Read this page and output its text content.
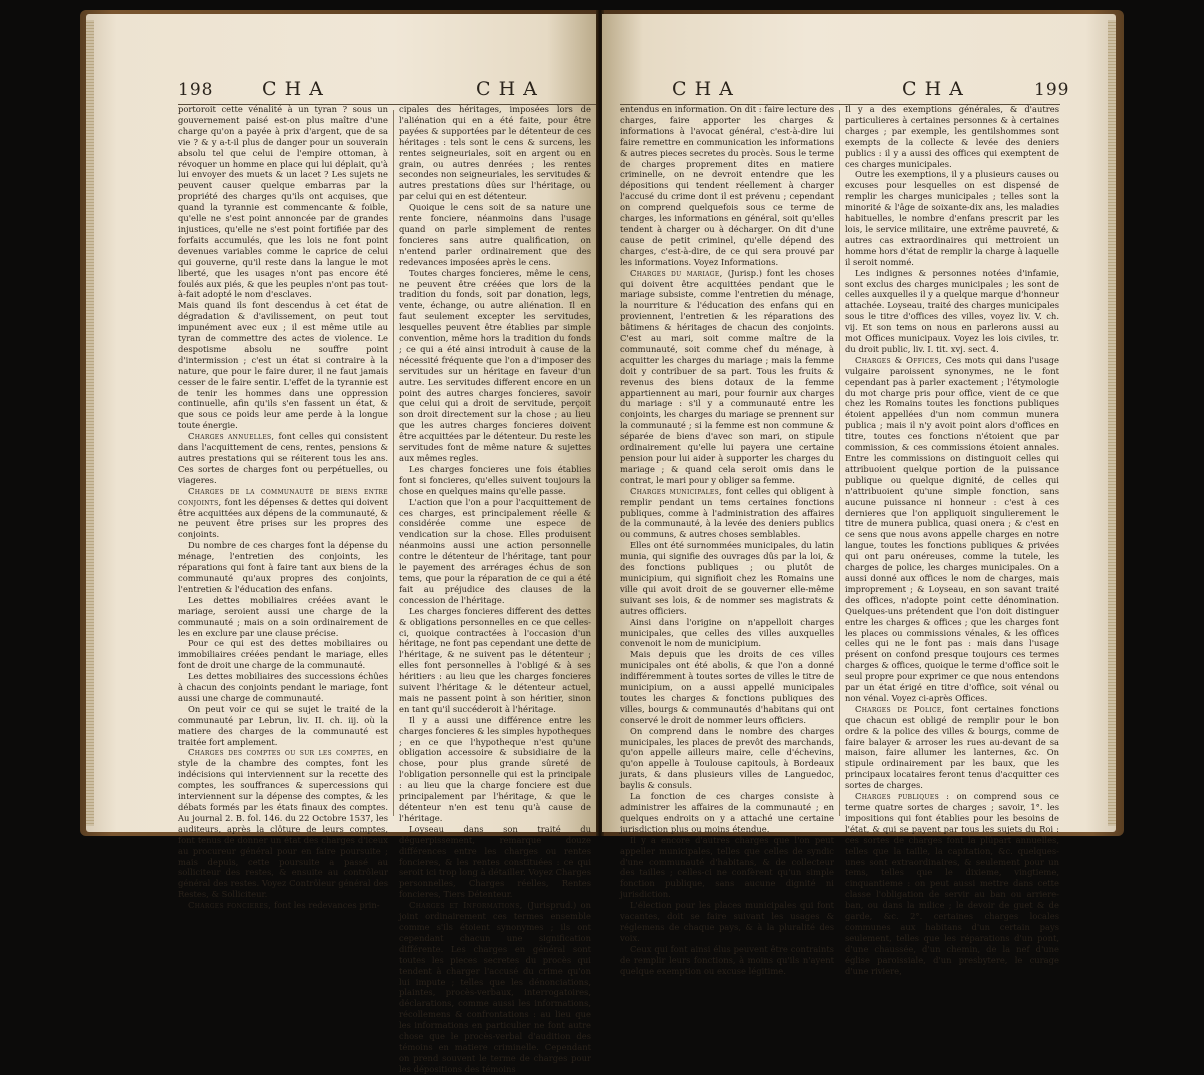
198	C H A	C H A

portoroit cette vénalité à un tyran ? sous un gouvernement paisé est-on plus maître d'une charge qu'on a payée à prix d'argent, que de sa vie ? & y a-t-il plus de danger pour un souverain absolu tel que celui de l'empire ottoman, à révoquer un homme en place qui lui déplait, qu'à lui envoyer des muets & un lacet ? Les sujets ne peuvent causer quelque embarras par la propriété des charges qu'ils ont acquises, que quand la tyrannie est commencante & foible, qu'elle ne s'est point annoncée par de grandes injustices, qu'elle ne s'est point fortifiée par des forfaits accumulés, que les lois ne font point devenues variables comme le caprice de celui qui gouverne, qu'il reste dans la langue le mot liberté, que les usages n'ont pas encore été foulés aux piés, & que les peuples n'ont pas tout-à-fait adopté le nom d'esclaves.

Mais quand ils font descendus à cet état de dégradation & d'avilissement, on peut tout impunément avec eux ; il est même utile au tyran de commettre des actes de violence. Le despotisme absolu ne souffre point d'intermission ; c'est un état si contraire à la nature, que pour le faire durer, il ne faut jamais cesser de le faire sentir. L'effet de la tyrannie est de tenir les hommes dans une oppression continuelle, afin qu'ils s'en fassent un état, & que sous ce poids leur ame perde à la longue toute énergie.

Charges annuelles, font celles qui consistent dans l'acquittement de cens, rentes, pensions & autres prestations qui se réiterent tous les ans. Ces sortes de charges font ou perpétuelles, ou viageres.

Charges de la communauté de biens entre conjoints, font les dépenses & dettes qui doivent être acquittées aux dépens de la communauté, & ne peuvent être prises sur les propres des conjoints.

Du nombre de ces charges font la dépense du ménage, l'entretien des conjoints, les réparations qui font à faire tant aux biens de la communauté qu'aux propres des conjoints, l'entretien & l'éducation des enfans.

Les dettes mobiliaires créées avant le mariage, seroient aussi une charge de la communauté ; mais on a soin ordinairement de les en exclure par une clause précise.

Pour ce qui est des dettes mobiliaires ou immobiliaires créées pendant le mariage, elles font de droit une charge de la communauté.

Les dettes mobiliaires des successions échûes à chacun des conjoints pendant le mariage, font aussi une charge de communauté.

On peut voir ce qui se sujet le traité de la communauté par Lebrun, liv. II. ch. iij. où la matiere des charges de la communauté est traitée fort amplement.

Charges des comptes ou sur les comptes, en style de la chambre des comptes, font les indécisions qui interviennent sur la recette des comptes, les souffrances & supercessions qui interviennent sur la dépense des comptes, & les débats formés par les états finaux des comptes. Au journal 2. B. fol. 146. du 22 Octobre 1537, les auditeurs, après la clôture de leurs comptes, font tenus de donner un état des charges d'iceux au procureur général pour en faire poursuite ; mais depuis, cette poursuite a passé au solliciteur des restes, & ensuite au contrôleur général des restes. Voyez Contrôleur général des Restes, & Solliciteur.

Charges foncieres, font les redevances prin-

cipales des héritages, imposées lors de l'aliénation qui en a été faite, pour être payées & supportées par le détenteur de ces héritages : tels sont le cens & surcens, les rentes seigneuriales, soit en argent ou en grain, ou autres denrées ; les rentes secondes non seigneuriales, les servitudes & autres prestations dûes sur l'héritage, ou par celui qui en est détenteur.

Quoique le cens soit de sa nature une rente fonciere, néanmoins dans l'usage quand on parle simplement de rentes foncieres sans autre qualification, on n'entend parler ordinairement que des redevances imposées après le cens.

Toutes charges foncieres, même le cens, ne peuvent être créées que lors de la tradition du fonds, soit par donation, legs, vente, échange, ou autre aliénation. Il en faut seulement excepter les servitudes, lesquelles peuvent être établies par simple convention, même hors la tradition du fonds ; ce qui a été ainsi introduit à cause de la nécessité fréquente que l'on a d'imposer des servitudes sur un héritage en faveur d'un autre. Les servitudes different encore en un point des autres charges foncieres, savoir que celui qui a droit de servitude, perçoit son droit directement sur la chose ; au lieu que les autres charges foncieres doivent être acquittées par le détenteur. Du reste les servitudes font de même nature & sujettes aux mêmes regles.

Les charges foncieres une fois établies font si foncieres, qu'elles suivent toujours la chose en quelques mains qu'elle passe.

L'action que l'on a pour l'acquittement de ces charges, est principalement réelle & considérée comme une espece de vendication sur la chose. Elles produisent néanmoins aussi une action personnelle contre le détenteur de l'héritage, tant pour le payement des arrérages échus de son tems, que pour la réparation de ce qui a été fait au préjudice des clauses de la concession de l'héritage.

Les charges foncieres different des dettes & obligations personnelles en ce que celles-ci, quoique contractées à l'occasion d'un héritage, ne font pas cependant une dette de l'héritage, & ne suivent pas le détenteur ; elles font personnelles à l'obligé & à ses héritiers : au lieu que les charges foncieres suivent l'héritage & le détenteur actuel, mais ne passent point à son héritier, sinon en tant qu'il succéderoit à l'héritage.

Il y a aussi une différence entre les charges foncieres & les simples hypotheques ; en ce que l'hypotheque n'est qu'une obligation accessoire & subsidiaire de la chose, pour plus grande sûreté de l'obligation personnelle qui est la principale : au lieu que la charge fonciere est due principalement par l'héritage, & que le détenteur n'en est tenu qu'à cause de l'héritage.

Loyseau dans son traité du déguerpissement, remarque douze différences entre les charges ou rentes foncieres, & les rentes constituées : ce qui seroit ici trop long à détailler. Voyez Charges personnelles, Charges réelles, Rentes foncieres, Tiers Détenteur.

Charges et Informations, (Jurisprud.) on joint ordinairement ces termes ensemble comme s'ils étoient synonymes ; ils ont cependant chacun une signification différente. Les charges en général sont toutes les pieces secretes du procès qui tendent à charger l'accusé du crime qu'on lui impute ; telles que les dénonciations, plaintes, procès-verbaux, interrogatoires, déclarations, comme aussi les informations, récollemens & confrontations : au lieu que les informations en particulier ne font autre chose que le procès-verbal d'audition des témoins en matiere criminelle. Cependant on prend souvent le terme de charges pour les dépositions des témoins

C H A	C H A	199

entendus en information. On dit : faire lecture des charges, faire apporter les charges & informations à l'avocat général, c'est-à-dire lui faire remettre en communication les informations & autres pieces secretes du procès. Sous le terme de charges proprement dites en matiere criminelle, on ne devroit entendre que les dépositions qui tendent réellement à charger l'accusé du crime dont il est prévenu ; cependant on comprend quelquefois sous ce terme de charges, les informations en général, soit qu'elles tendent à charger ou à décharger. On dit d'une cause de petit criminel, qu'elle dépend des charges, c'est-à-dire, de ce qui sera prouvé par les informations. Voyez Informations.

Charges du mariage, (Jurisp.) font les choses qui doivent être acquittées pendant que le mariage subsiste, comme l'entretien du ménage, la nourriture & l'éducation des enfans qui en proviennent, l'entretien & les réparations des bâtimens & héritages de chacun des conjoints. C'est au mari, soit comme maître de la communauté, soit comme chef du ménage, à acquitter les charges du mariage ; mais la femme doit y contribuer de sa part. Tous les fruits & revenus des biens dotaux de la femme appartiennent au mari, pour fournir aux charges du mariage : s'il y a communauté entre les conjoints, les charges du mariage se prennent sur la communauté ; si la femme est non commune & séparée de biens d'avec son mari, on stipule ordinairement qu'elle lui payera une certaine pension pour lui aider à supporter les charges du mariage ; & quand cela seroit omis dans le contrat, le mari pour y obliger sa femme.

Charges municipales, font celles qui obligent à remplir pendant un tems certaines fonctions publiques, comme à l'administration des affaires de la communauté, à la levée des deniers publics ou communs, & autres choses semblables.

Elles ont été surnommées municipales, du latin munia, qui signifie des ouvrages dûs par la loi, & des fonctions publiques ; ou plutôt de municipium, qui signifioit chez les Romains une ville qui avoit droit de se gouverner elle-même suivant ses lois, & de nommer ses magistrats & autres officiers.

Ainsi dans l'origine on n'appelloit charges municipales, que celles des villes auxquelles convenoit le nom de municipium.

Mais depuis que les droits de ces villes municipales ont été abolis, & que l'on a donné indifféremment à toutes sortes de villes le titre de municipium, on a aussi appellé municipales toutes les charges & fonctions publiques des villes, bourgs & communautés d'habitans qui ont conservé le droit de nommer leurs officiers.

On comprend dans le nombre des charges municipales, les places de prevôt des marchands, qu'on appelle ailleurs maire, celle d'échevins, qu'on appelle à Toulouse capitouls, à Bordeaux jurats, & dans plusieurs villes de Languedoc, baylis & consuls.

La fonction de ces charges consiste à administrer les affaires de la communauté ; en quelques endroits on y a attaché une certaine jurisdiction plus ou moins étendue.

Il y a encore d'autres charges que l'on peut appeller municipales, telles que celles de syndic d'une communauté d'habitans, & de collecteur des tailles ; celles-ci ne confèrent qu'un simple fonction publique, sans aucune dignité ni jurisdiction.

L'élection pour les places municipales qui font vacantes, doit se faire suivant les usages & réglemens de chaque pays, & à la pluralité des voix.

Ceux qui font ainsi élus peuvent être contraints de remplir leurs fonctions, à moins qu'ils n'ayent quelque exemption ou excuse légitime.

Il y a des exemptions générales, & d'autres particulieres à certaines personnes & à certaines charges ; par exemple, les gentilshommes sont exempts de la collecte & levée des deniers publics : il y a aussi des offices qui exemptent de ces charges municipales.

Outre les exemptions, il y a plusieurs causes ou excuses pour lesquelles on est dispensé de remplir les charges municipales ; telles sont la minorité & l'âge de soixante-dix ans, les maladies habituelles, le nombre d'enfans prescrit par les lois, le service militaire, une extrême pauvreté, & autres cas extraordinaires qui mettroient un homme hors d'état de remplir la charge à laquelle il seroit nommé.

Les indignes & personnes notées d'infamie, sont exclus des charges municipales ; les sont de celles auxquelles il y a quelque marque d'honneur attachée. Loyseau, traité des charges municipales sous le titre d'offices des villes, voyez liv. V. ch. vij. Et son tems on nous en parlerons aussi au mot Offices municipaux. Voyez les lois civiles, tr. du droit public, liv. I. tit. xvj. sect. 4.

Charges & Offices, Ces mots qui dans l'usage vulgaire paroissent synonymes, ne le font cependant pas à parler exactement ; l'étymologie du mot charge pris pour office, vient de ce que chez les Romains toutes les fonctions publiques étoient appellées d'un nom commun munera publica ; mais il n'y avoit point alors d'offices en titre, toutes ces fonctions n'étoient que par commission, & ces commissions étoient annales. Entre les commissions on distinguoit celles qui attribuoient quelque portion de la puissance publique ou quelque dignité, de celles qui n'attribuoient qu'une simple fonction, sans aucune puissance ni honneur : c'est à ces dernieres que l'on appliquoit singulierement le titre de munera publica, quasi onera ; & c'est en ce sens que nous avons appelle charges en notre langue, toutes les fonctions publiques & privées qui ont paru onéreuses, comme la tutele, les charges de police, les charges municipales. On a aussi donné aux offices le nom de charges, mais improprement ; & Loyseau, en son savant traité des offices, n'adopte point cette dénomination. Quelques-uns prétendent que l'on doit distinguer entre les charges & offices ; que les charges font les places ou commissions vénales, & les offices celles qui ne le font pas : mais dans l'usage présent on confond presque toujours ces termes charges & offices, quoique le terme d'office soit le seul propre pour exprimer ce que nous entendons par un état érigé en titre d'office, soit vénal ou non vénal. Voyez ci-après Offices.

Charges de Police, font certaines fonctions que chacun est obligé de remplir pour le bon ordre & la police des villes & bourgs, comme de faire balayer & arroser les rues au-devant de sa maison, faire allumer les lanternes, &c. On stipule ordinairement par les baux, que les principaux locataires feront tenus d'acquitter ces sortes de charges.

Charges publiques : on comprend sous ce terme quatre sortes de charges ; savoir, 1°. les impositions qui font établies pour les besoins de l'état, & qui se payent par tous les sujets du Roi : ces sortes de charges font la plûpart annuelles, telles que la taille, la capitation, &c. quelques-unes sont extraordinaires, & seulement pour un tems, telles que le dixieme, vingtieme, cinquantieme : on peut aussi mettre dans cette classe l'obligation de servir au ban ou arriere-ban, ou dans la milice ; le devoir de guet & de garde, &c. 2°. certaines charges locales communes aux habitans d'un certain pays seulement, telles que les réparations d'un pont, d'une chaussée, d'un chemin, de la nef d'une église paroissiale, d'un presbytere, le curage d'une riviere,
